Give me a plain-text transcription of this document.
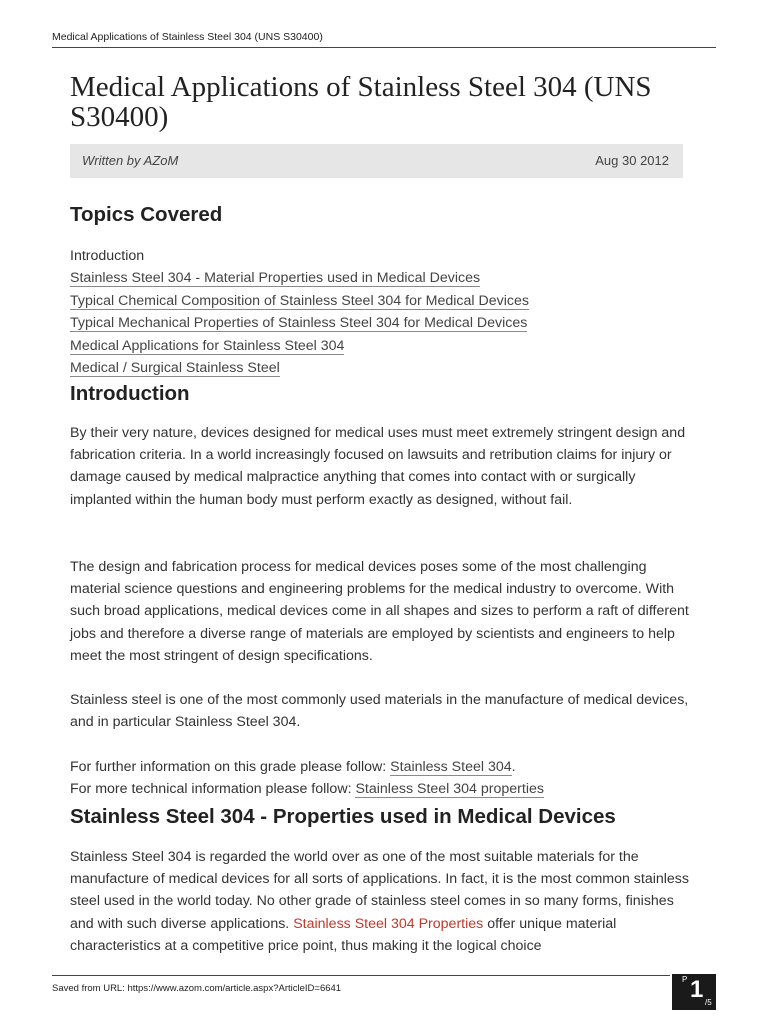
Medical Applications of Stainless Steel 304 (UNS S30400)
Medical Applications of Stainless Steel 304 (UNS S30400)
Written by AZoM	Aug 30 2012
Topics Covered
Introduction
Stainless Steel 304 - Material Properties used in Medical Devices
Typical Chemical Composition of Stainless Steel 304 for Medical Devices
Typical Mechanical Properties of Stainless Steel 304 for Medical Devices
Medical Applications for Stainless Steel 304
Medical / Surgical Stainless Steel
Introduction

By their very nature, devices designed for medical uses must meet extremely stringent design and fabrication criteria. In a world increasingly focused on lawsuits and retribution claims for injury or damage caused by medical malpractice anything that comes into contact with or surgically implanted within the human body must perform exactly as designed, without fail.

The design and fabrication process for medical devices poses some of the most challenging material science questions and engineering problems for the medical industry to overcome. With such broad applications, medical devices come in all shapes and sizes to perform a raft of different jobs and therefore a diverse range of materials are employed by scientists and engineers to help meet the most stringent of design specifications.

Stainless steel is one of the most commonly used materials in the manufacture of medical devices, and in particular Stainless Steel 304.

For further information on this grade please follow: Stainless Steel 304.
For more technical information please follow: Stainless Steel 304 properties

Stainless Steel 304 - Properties used in Medical Devices

Stainless Steel 304 is regarded the world over as one of the most suitable materials for the manufacture of medical devices for all sorts of applications. In fact, it is the most common stainless steel used in the world today. No other grade of stainless steel comes in so many forms, finishes and with such diverse applications. Stainless Steel 304 Properties offer unique material characteristics at a competitive price point, thus making it the logical choice

Saved from URL: https://www.azom.com/article.aspx?ArticleID=6641
P 1 /5
